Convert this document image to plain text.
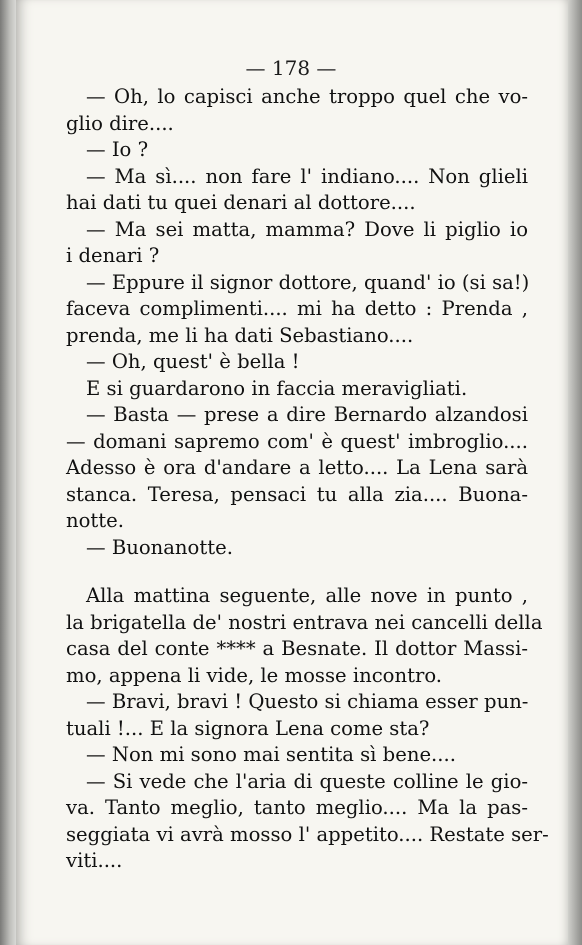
— 178 —
— Oh, lo capisci anche troppo quel che vo-
glio dire....
— Io ?
— Ma sì.... non fare l' indiano.... Non glieli
hai dati tu quei denari al dottore....
— Ma sei matta, mamma? Dove li piglio io
i denari ?
— Eppure il signor dottore, quand' io (si sa!)
faceva complimenti.... mi ha detto : Prenda ,
prenda, me li ha dati Sebastiano....
— Oh, quest' è bella !
E si guardarono in faccia meravigliati.
— Basta — prese a dire Bernardo alzandosi
— domani sapremo com' è quest' imbroglio....
Adesso è ora d'andare a letto.... La Lena sarà
stanca. Teresa, pensaci tu alla zia.... Buona-
notte.
— Buonanotte.
Alla mattina seguente, alle nove in punto ,
la brigatella de' nostri entrava nei cancelli della
casa del conte **** a Besnate. Il dottor Massi-
mo, appena li vide, le mosse incontro.
— Bravi, bravi ! Questo si chiama esser pun-
tuali !... E la signora Lena come sta?
— Non mi sono mai sentita sì bene....
— Si vede che l'aria di queste colline le gio-
va. Tanto meglio, tanto meglio.... Ma la pas-
seggiata vi avrà mosso l' appetito.... Restate ser-
viti....
